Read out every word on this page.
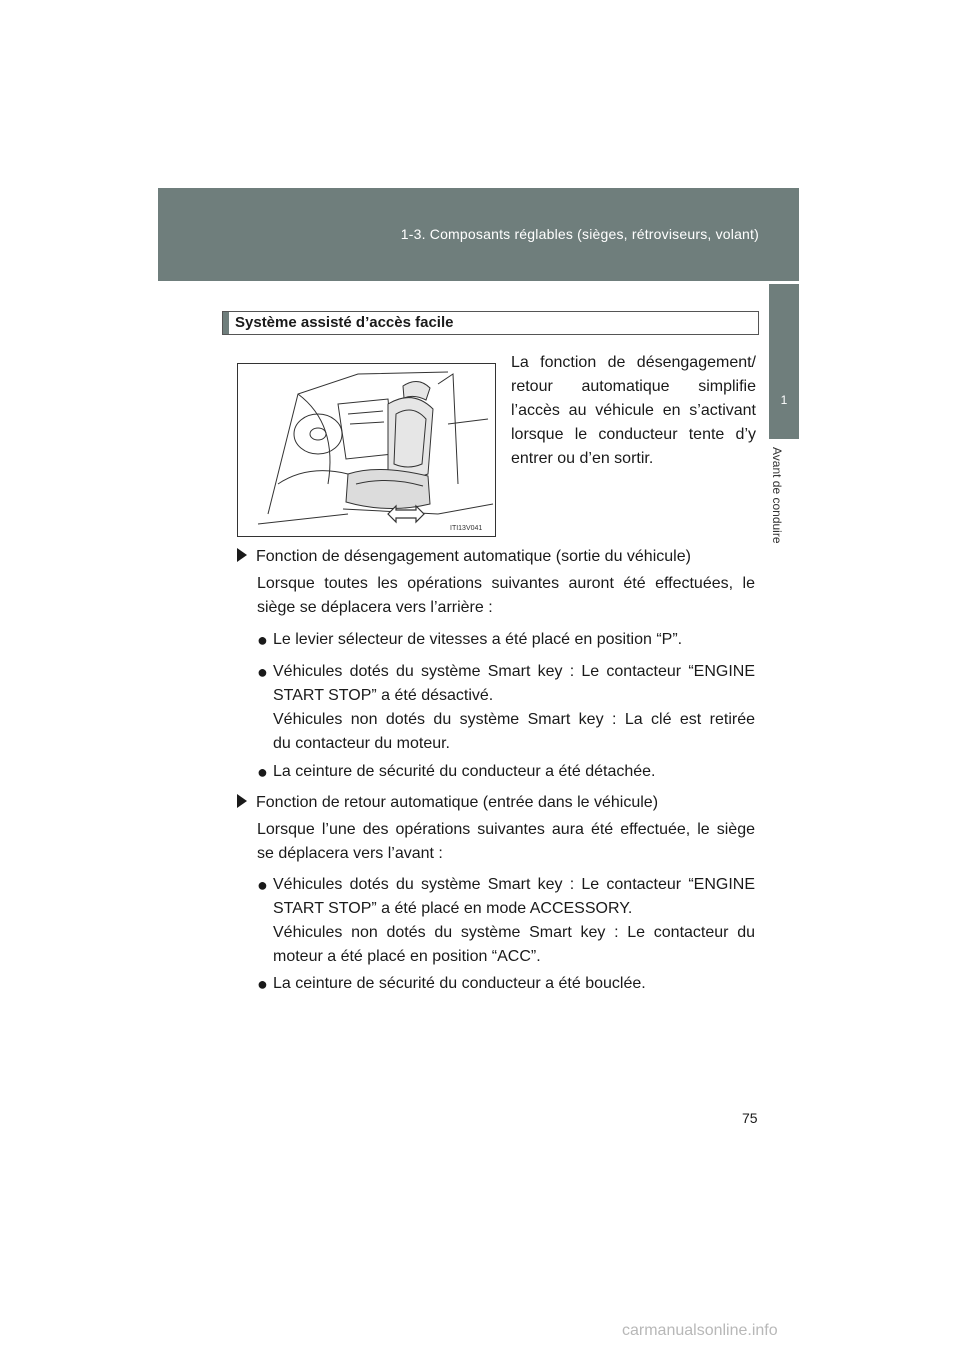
1-3. Composants réglables (sièges, rétroviseurs, volant)
1
Avant de conduire
Système assisté d’accès facile
ITI13V041
La fonction de désengagement/
retour automatique simplifie
l’accès au véhicule en s’activant
lorsque le conducteur tente d’y
entrer ou d’en sortir.
Fonction de désengagement automatique (sortie du véhicule)
Lorsque toutes les opérations suivantes auront été effectuées, le
siège se déplacera vers l’arrière :
● Le levier sélecteur de vitesses a été placé en position “P”.
● Véhicules dotés du système Smart key : Le contacteur “ENGINE
START STOP” a été désactivé.
Véhicules non dotés du système Smart key : La clé est retirée
du contacteur du moteur.
● La ceinture de sécurité du conducteur a été détachée.
Fonction de retour automatique (entrée dans le véhicule)
Lorsque l’une des opérations suivantes aura été effectuée, le siège
se déplacera vers l’avant :
● Véhicules dotés du système Smart key : Le contacteur “ENGINE
START STOP” a été placé en mode ACCESSORY.
Véhicules non dotés du système Smart key : Le contacteur du
moteur a été placé en position “ACC”.
● La ceinture de sécurité du conducteur a été bouclée.
75
carmanualsonline.info
